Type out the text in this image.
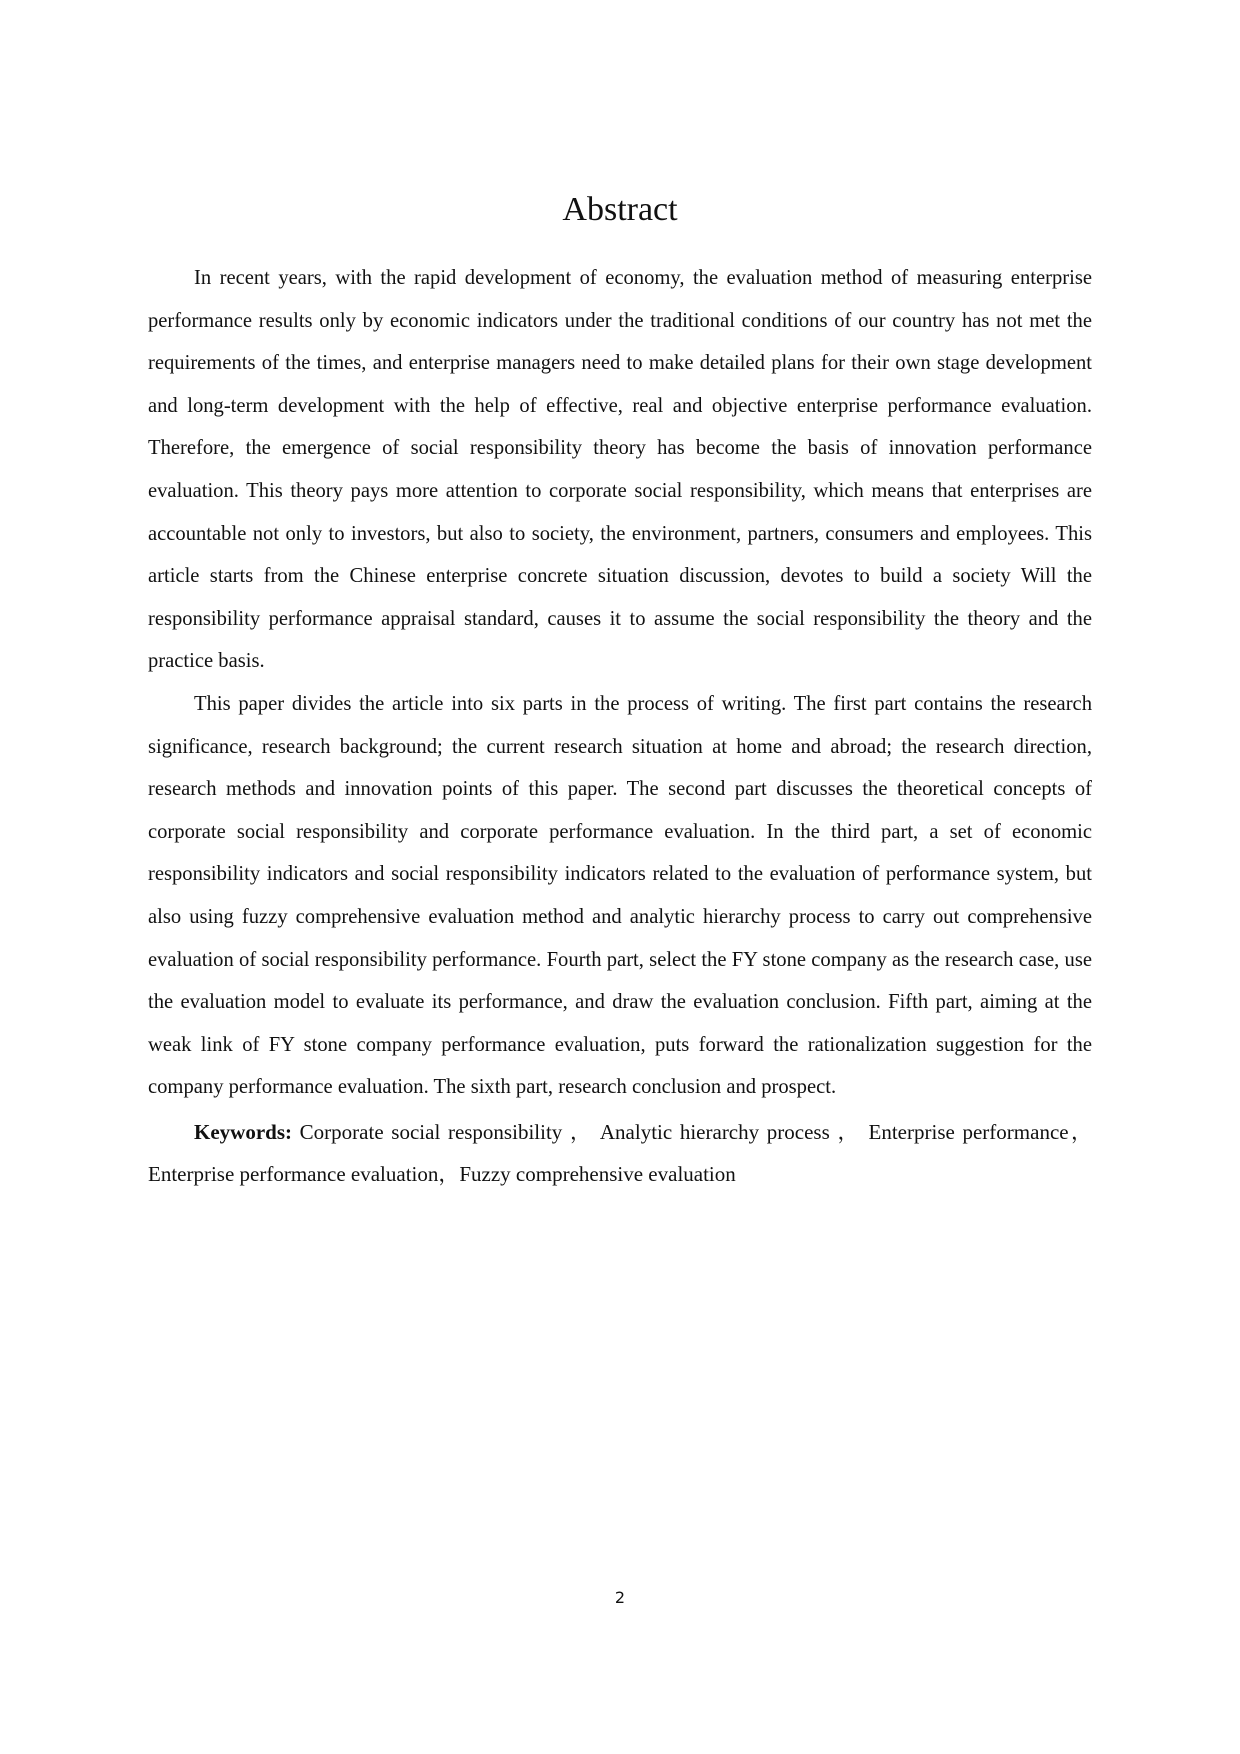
Abstract

In recent years, with the rapid development of economy, the evaluation method of measuring enterprise performance results only by economic indicators under the traditional conditions of our country has not met the requirements of the times, and enterprise managers need to make detailed plans for their own stage development and long-term development with the help of effective, real and objective enterprise performance evaluation. Therefore, the emergence of social responsibility theory has become the basis of innovation performance evaluation. This theory pays more attention to corporate social responsibility, which means that enterprises are accountable not only to investors, but also to society, the environment, partners, consumers and employees. This article starts from the Chinese enterprise concrete situation discussion, devotes to build a society Will the responsibility performance appraisal standard, causes it to assume the social responsibility the theory and the practice basis.

This paper divides the article into six parts in the process of writing. The first part contains the research significance, research background; the current research situation at home and abroad; the research direction, research methods and innovation points of this paper. The second part discusses the theoretical concepts of corporate social responsibility and corporate performance evaluation. In the third part, a set of economic responsibility indicators and social responsibility indicators related to the evaluation of performance system, but also using fuzzy comprehensive evaluation method and analytic hierarchy process to carry out comprehensive evaluation of social responsibility performance. Fourth part, select the FY stone company as the research case, use the evaluation model to evaluate its performance, and draw the evaluation conclusion. Fifth part, aiming at the weak link of FY stone company performance evaluation, puts forward the rationalization suggestion for the company performance evaluation. The sixth part, research conclusion and prospect.

Keywords: Corporate social responsibility ， Analytic hierarchy process ， Enterprise performance，Enterprise performance evaluation，Fuzzy comprehensive evaluation

2
